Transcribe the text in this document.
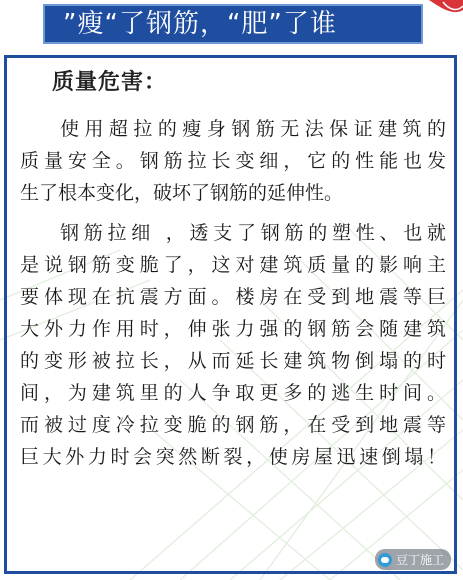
”瘦“了钢筋，“肥”了谁
质量危害：

使用超拉的瘦身钢筋无法保证建筑的
质量安全。钢筋拉长变细，它的性能也发
生了根本变化，破坏了钢筋的延伸性。

钢筋拉细 ，透支了钢筋的塑性、也就
是说钢筋变脆了，这对建筑质量的影响主
要体现在抗震方面。楼房在受到地震等巨
大外力作用时，伸张力强的钢筋会随建筑
的变形被拉长，从而延长建筑物倒塌的时
间，为建筑里的人争取更多的逃生时间。
而被过度冷拉变脆的钢筋，在受到地震等
巨大外力时会突然断裂，使房屋迅速倒塌！

豆丁施工
